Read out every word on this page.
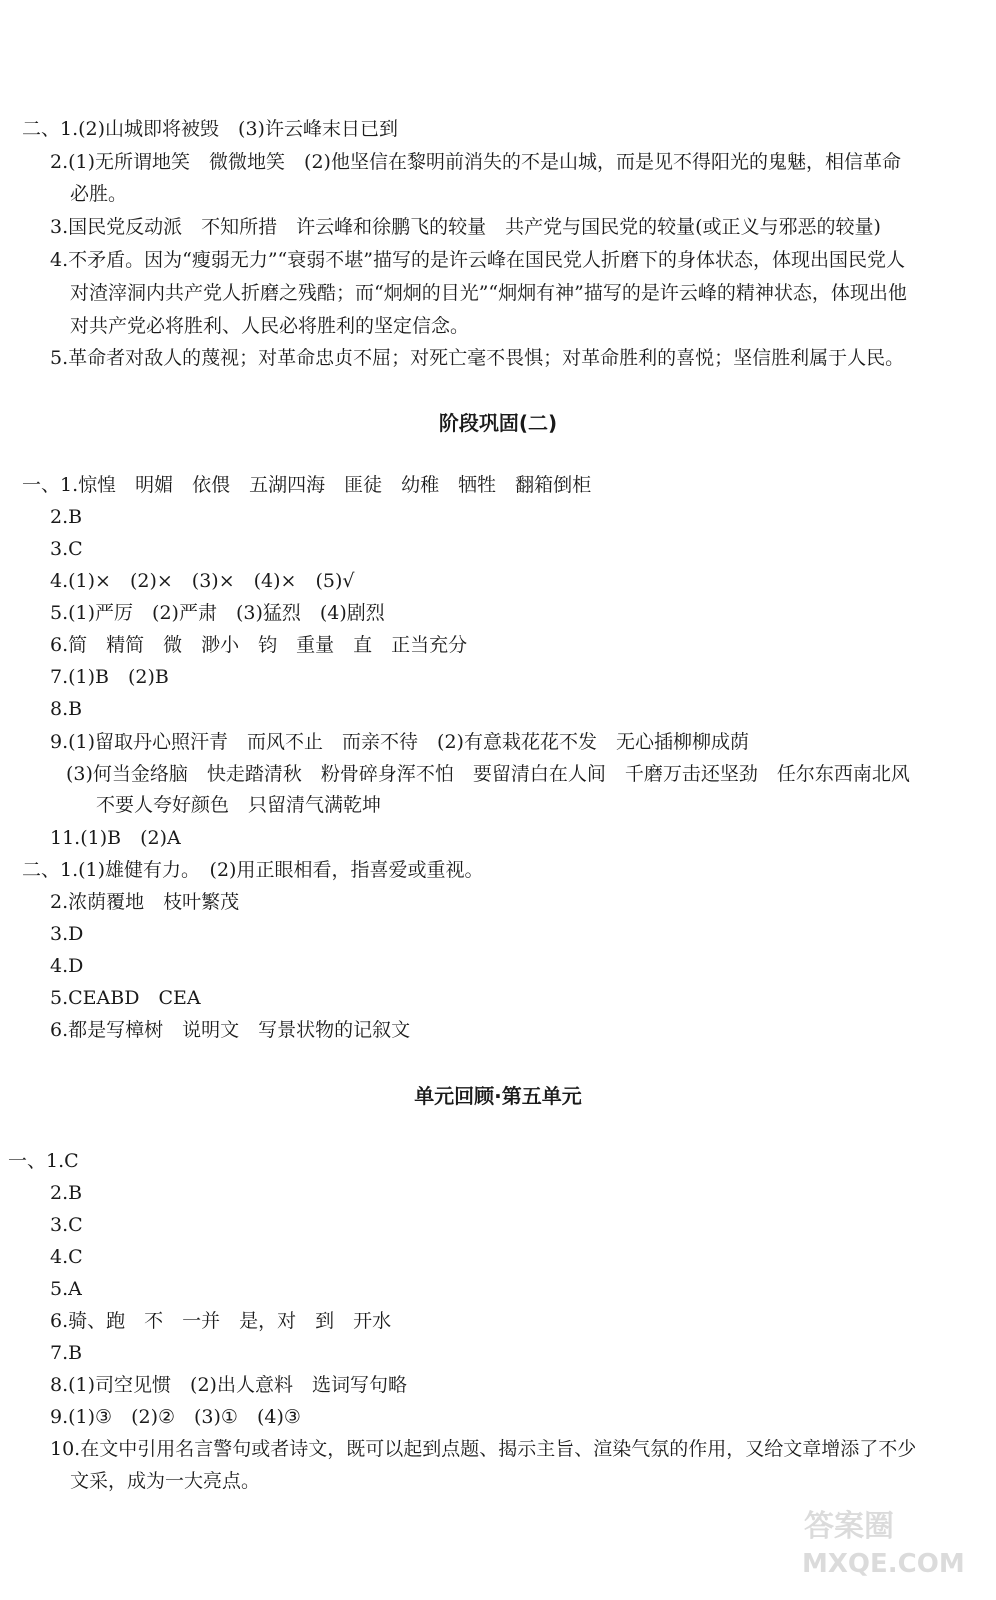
二、1.(2)山城即将被毁　(3)许云峰末日已到
2.(1)无所谓地笑　微微地笑　(2)他坚信在黎明前消失的不是山城，而是见不得阳光的鬼魅，相信革命
必胜。
3.国民党反动派　不知所措　许云峰和徐鹏飞的较量　共产党与国民党的较量(或正义与邪恶的较量)
4.不矛盾。因为“瘦弱无力”“衰弱不堪”描写的是许云峰在国民党人折磨下的身体状态，体现出国民党人
对渣滓洞内共产党人折磨之残酷；而“炯炯的目光”“炯炯有神”描写的是许云峰的精神状态，体现出他
对共产党必将胜利、人民必将胜利的坚定信念。
5.革命者对敌人的蔑视；对革命忠贞不屈；对死亡毫不畏惧；对革命胜利的喜悦；坚信胜利属于人民。
阶段巩固(二)
一、1.惊惶　明媚　依偎　五湖四海　匪徒　幼稚　牺牲　翻箱倒柜
2.B
3.C
4.(1)×　(2)×　(3)×　(4)×　(5)√
5.(1)严厉　(2)严肃　(3)猛烈　(4)剧烈
6.简　精简　微　渺小　钧　重量　直　正当充分
7.(1)B　(2)B
8.B
9.(1)留取丹心照汗青　而风不止　而亲不待　(2)有意栽花花不发　无心插柳柳成荫
(3)何当金络脑　快走踏清秋　粉骨碎身浑不怕　要留清白在人间　千磨万击还坚劲　任尔东西南北风
不要人夸好颜色　只留清气满乾坤
11.(1)B　(2)A
二、1.(1)雄健有力。　(2)用正眼相看，指喜爱或重视。
2.浓荫覆地　枝叶繁茂
3.D
4.D
5.CEABD　CEA
6.都是写樟树　说明文　写景状物的记叙文
单元回顾·第五单元
一、1.C
2.B
3.C
4.C
5.A
6.骑、跑　不　一并　是，对　到　开水
7.B
8.(1)司空见惯　(2)出人意料　选词写句略
9.(1)③　(2)②　(3)①　(4)③
10.在文中引用名言警句或者诗文，既可以起到点题、揭示主旨、渲染气氛的作用，又给文章增添了不少
文采，成为一大亮点。
答案圈
MXQE.COM
